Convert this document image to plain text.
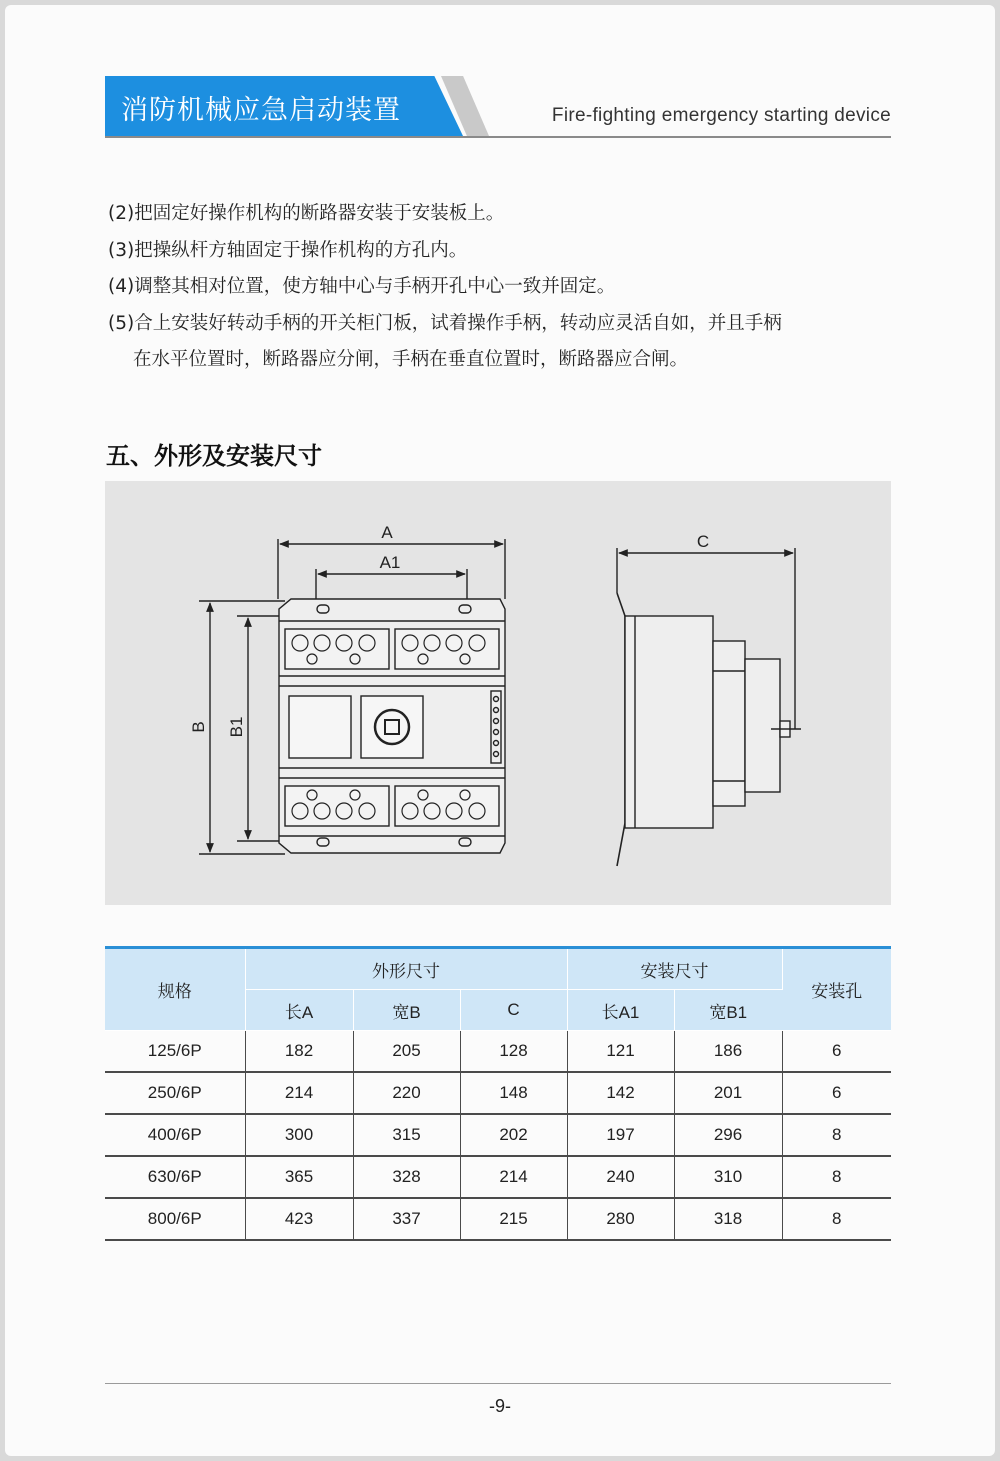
消防机械应急启动装置	Fire-fighting emergency starting device
(2)把固定好操作机构的断路器安装于安装板上。
(3)把操纵杆方轴固定于操作机构的方孔内。
(4)调整其相对位置，使方轴中心与手柄开孔中心一致并固定。
(5)合上安装好转动手柄的开关柜门板，试着操作手柄，转动应灵活自如，并且手柄
在水平位置时，断路器应分闸，手柄在垂直位置时，断路器应合闸。
五、外形及安装尺寸
A
A1
B B1
C
规格	外形尺寸			安装尺寸		安装孔
	长A	宽B	C	长A1	宽B1	
125/6P	182	205	128	121	186	6
250/6P	214	220	148	142	201	6
400/6P	300	315	202	197	296	8
630/6P	365	328	214	240	310	8
800/6P	423	337	215	280	318	8
-9-
